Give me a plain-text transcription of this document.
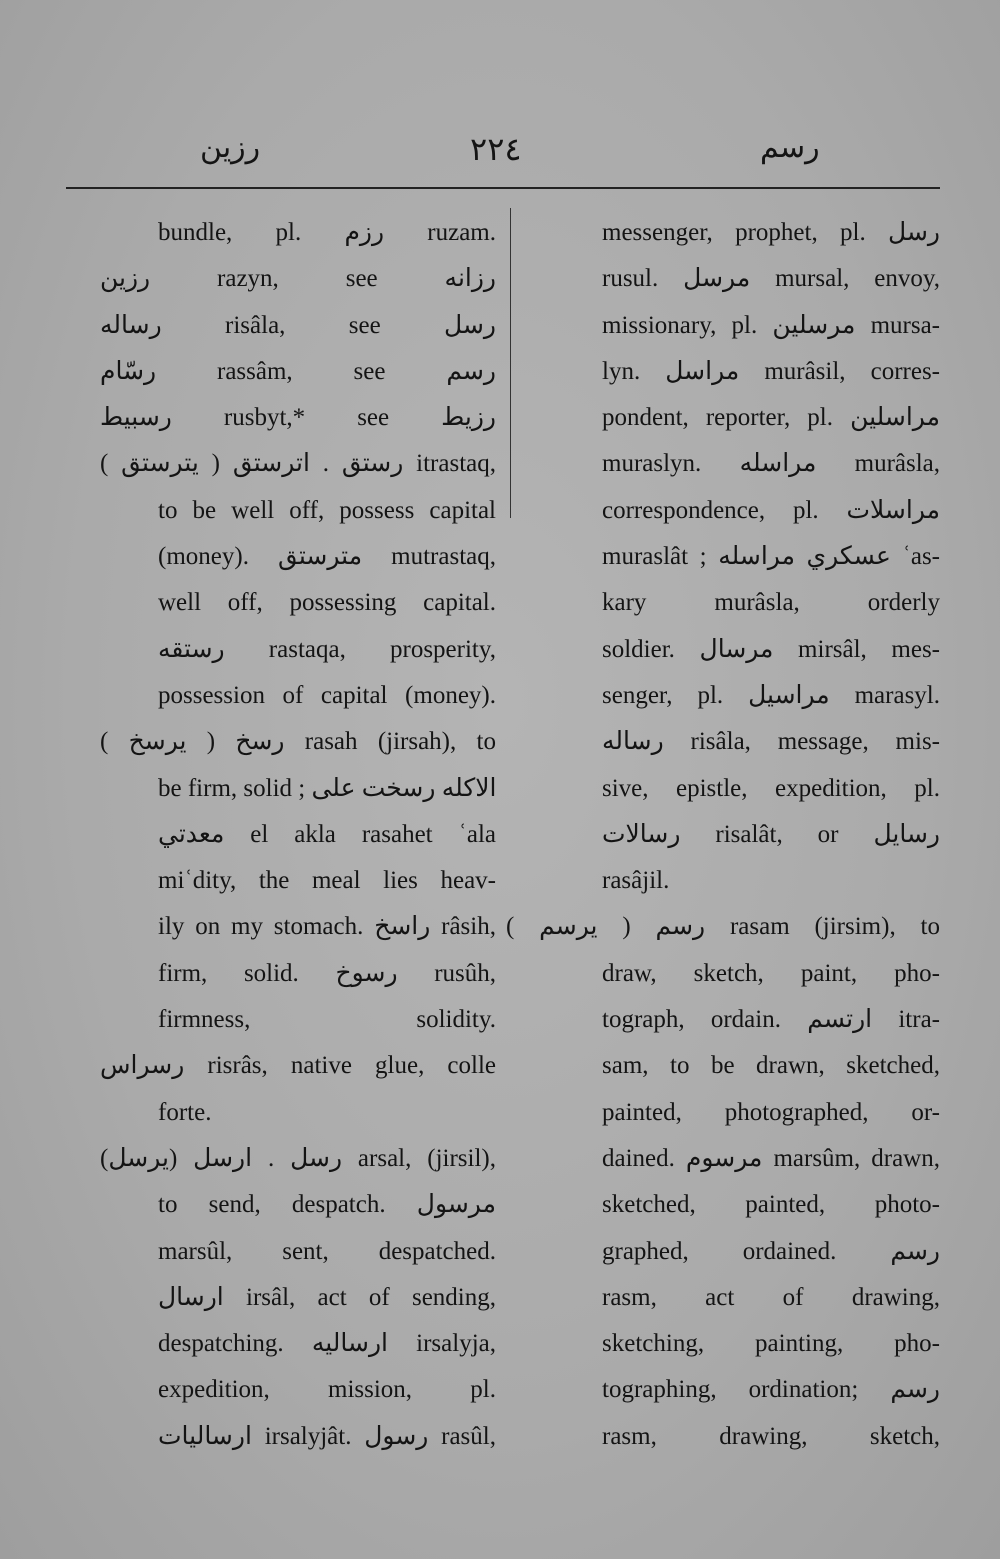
رزين	٢٢٤	رسم
bundle, pl. رزم ruzam.
رزين razyn, see رزانه
رساله risâla, see رسل
رسّام rassâm, see رسم
رسبيط rusbyt,* see رزيط
رستق . اترستق ( يترستق ) itrastaq,
to be well off, possess capital
(money). مترستق mutrastaq,
well off, possessing capital.
رستقه rastaqa, prosperity,
possession of capital (money).
رسخ ( يرسخ ) rasah (jirsah), to
be firm, solid ; الاكله رسخت على
معدتي el akla rasahet ʿala
miʿdity, the meal lies heav-
ily on my stomach. راسخ râsih,
firm, solid. رسوخ rusûh,
firmness, solidity.
رسراس risrâs, native glue, colle
forte.
رسل . ارسل (يرسل) arsal, (jirsil),
to send, despatch. مرسول
marsûl, sent, despatched.
ارسال irsâl, act of sending,
despatching. ارساليه irsalyja,
expedition, mission, pl.
ارساليات irsalyjât. رسول rasûl,
messenger, prophet, pl. رسل
rusul. مرسل mursal, envoy,
missionary, pl. مرسلين mursa-
lyn. مراسل murâsil, corres-
pondent, reporter, pl. مراسلين
muraslyn. مراسله murâsla,
correspondence, pl. مراسلات
muraslât ; عسكري مراسله ʿas-
kary murâsla, orderly
soldier. مرسال mirsâl, mes-
senger, pl. مراسيل marasyl.
رساله risâla, message, mis-
sive, epistle, expedition, pl.
رسالات risalât, or رسايل
rasâjil.
رسم ( يرسم ) rasam (jirsim), to
draw, sketch, paint, pho-
tograph, ordain. ارتسم itra-
sam, to be drawn, sketched,
painted, photographed, or-
dained. مرسوم marsûm, drawn,
sketched, painted, photo-
graphed, ordained. رسم
rasm, act of drawing,
sketching, painting, pho-
tographing, ordination; رسم
rasm, drawing, sketch,
